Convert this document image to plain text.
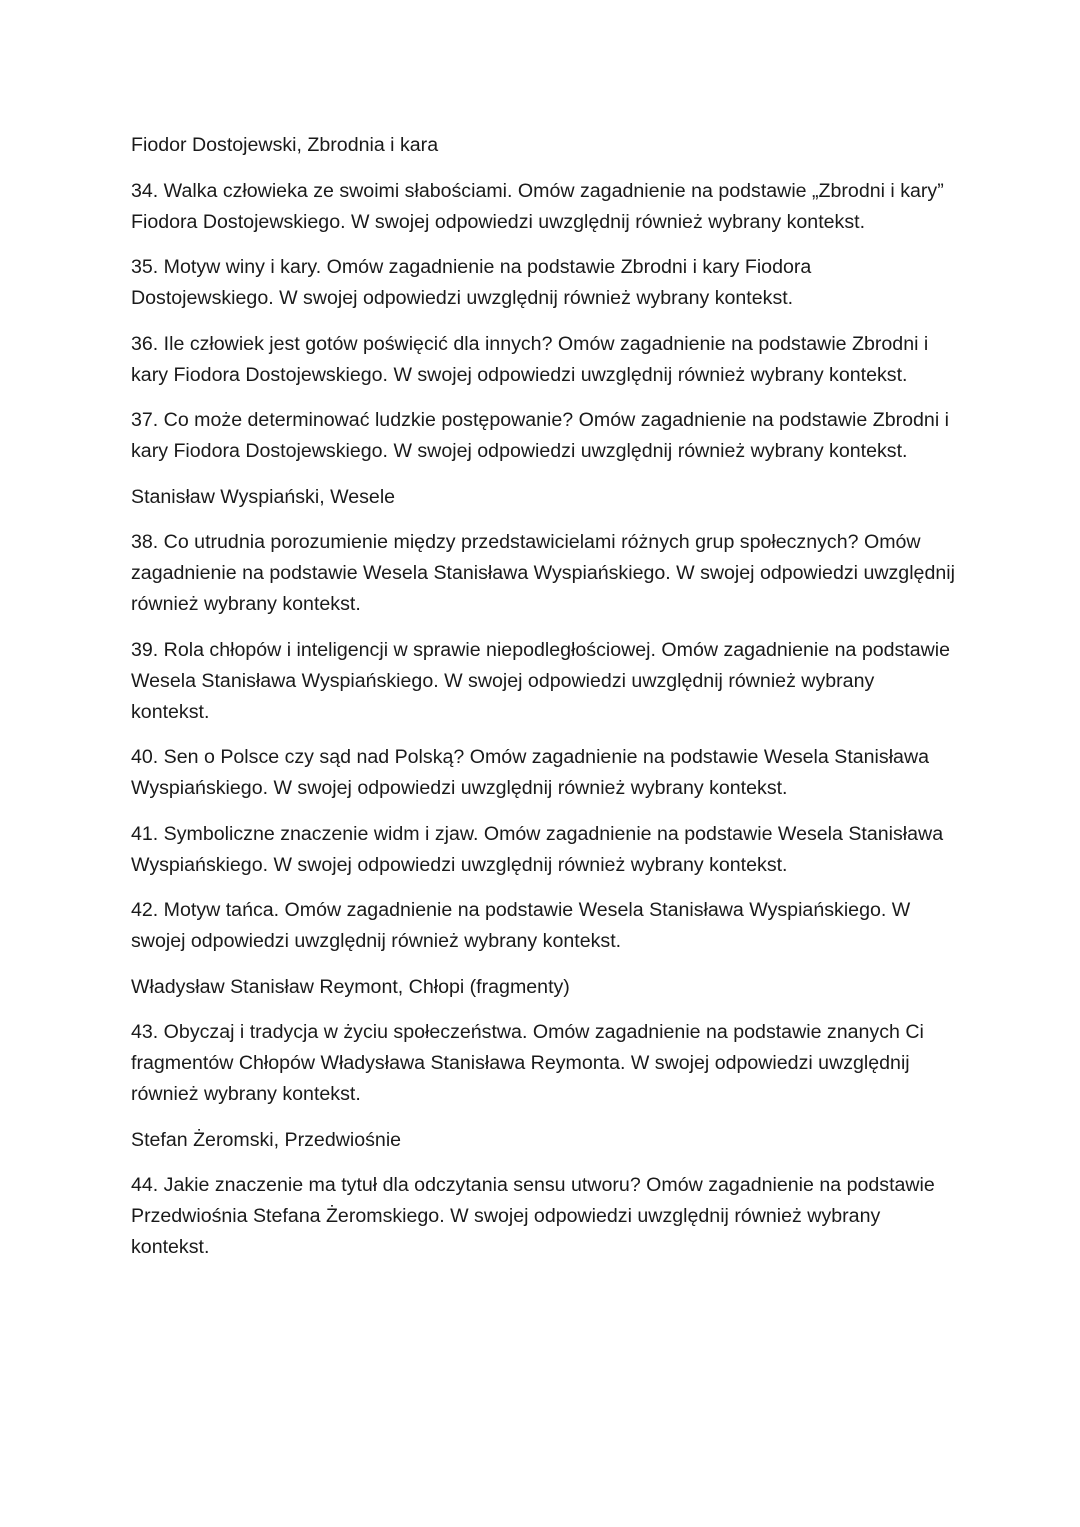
Fiodor Dostojewski, Zbrodnia i kara

34. Walka człowieka ze swoimi słabościami. Omów zagadnienie na podstawie „Zbrodni i kary” Fiodora Dostojewskiego. W swojej odpowiedzi uwzględnij również wybrany kontekst.

35. Motyw winy i kary. Omów zagadnienie na podstawie Zbrodni i kary Fiodora Dostojewskiego. W swojej odpowiedzi uwzględnij również wybrany kontekst.

36. Ile człowiek jest gotów poświęcić dla innych? Omów zagadnienie na podstawie Zbrodni i kary Fiodora Dostojewskiego. W swojej odpowiedzi uwzględnij również wybrany kontekst.

37. Co może determinować ludzkie postępowanie? Omów zagadnienie na podstawie Zbrodni i kary Fiodora Dostojewskiego. W swojej odpowiedzi uwzględnij również wybrany kontekst.

Stanisław Wyspiański, Wesele

38. Co utrudnia porozumienie między przedstawicielami różnych grup społecznych? Omów zagadnienie na podstawie Wesela Stanisława Wyspiańskiego. W swojej odpowiedzi uwzględnij również wybrany kontekst.

39. Rola chłopów i inteligencji w sprawie niepodległościowej. Omów zagadnienie na podstawie Wesela Stanisława Wyspiańskiego. W swojej odpowiedzi uwzględnij również wybrany kontekst.

40. Sen o Polsce czy sąd nad Polską? Omów zagadnienie na podstawie Wesela Stanisława Wyspiańskiego. W swojej odpowiedzi uwzględnij również wybrany kontekst.

41. Symboliczne znaczenie widm i zjaw. Omów zagadnienie na podstawie Wesela Stanisława Wyspiańskiego. W swojej odpowiedzi uwzględnij również wybrany kontekst.

42. Motyw tańca. Omów zagadnienie na podstawie Wesela Stanisława Wyspiańskiego. W swojej odpowiedzi uwzględnij również wybrany kontekst.

Władysław Stanisław Reymont, Chłopi (fragmenty)

43. Obyczaj i tradycja w życiu społeczeństwa. Omów zagadnienie na podstawie znanych Ci fragmentów Chłopów Władysława Stanisława Reymonta. W swojej odpowiedzi uwzględnij również wybrany kontekst.

Stefan Żeromski, Przedwiośnie

44. Jakie znaczenie ma tytuł dla odczytania sensu utworu? Omów zagadnienie na podstawie Przedwiośnia Stefana Żeromskiego. W swojej odpowiedzi uwzględnij również wybrany kontekst.
